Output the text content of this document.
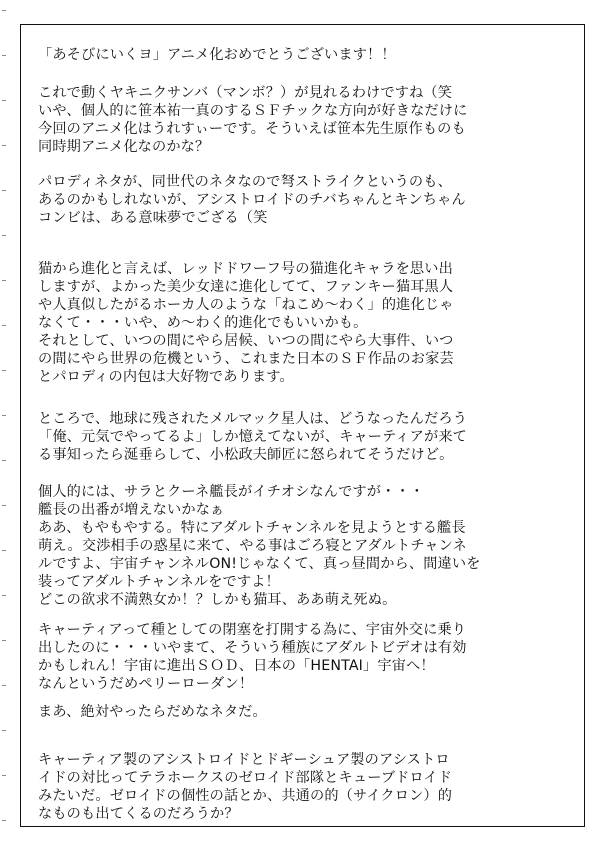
「あそびにいくヨ」アニメ化おめでとうございます！！

これで動くヤキニクサンバ（マンボ？）が見れるわけですね（笑

いや、個人的に笹本祐一真のするＳＦチックな方向が好きなだけに

今回のアニメ化はうれすぃーです。そういえば笹本先生原作ものも

同時期アニメ化なのかな？

パロディネタが、同世代のネタなので弩ストライクというのも、

あるのかもしれないが、アシストロイドのチバちゃんとキンちゃん

コンビは、ある意味夢でござる（笑

猫から進化と言えば、レッドドワーフ号の猫進化キャラを思い出

しますが、よかった美少女達に進化してて、ファンキー猫耳黒人

や人真似したがるホーカ人のような「ねこめ〜わく」的進化じゃ

なくて・・・いや、め〜わく的進化でもいいかも。

それとして、いつの間にやら居候、いつの間にやら大事件、いつ

の間にやら世界の危機という、これまた日本のＳＦ作品のお家芸

とパロディの内包は大好物であります。

ところで、地球に残されたメルマック星人は、どうなったんだろう

「俺、元気でやってるよ」しか憶えてないが、キャーティアが来て

る事知ったら涎垂らして、小松政夫師匠に怒られてそうだけど。

個人的には、サラとクーネ艦長がイチオシなんですが・・・

艦長の出番が増えないかなぁ

ああ、もやもやする。特にアダルトチャンネルを見ようとする艦長

萌え。交渉相手の惑星に来て、やる事はごろ寝とアダルトチャンネ

ルですよ、宇宙チャンネルON!じゃなくて、真っ昼間から、間違いを

装ってアダルトチャンネルをですよ！

どこの欲求不満熟女か！？しかも猫耳、ああ萌え死ぬ。

キャーティアって種としての閉塞を打開する為に、宇宙外交に乗り

出したのに・・・いやまて、そういう種族にアダルトビデオは有効

かもしれん！宇宙に進出ＳＯＤ、日本の「HENTAI」宇宙へ！

なんというだめペリーローダン！

まあ、絶対やったらだめなネタだ。

キャーティア製のアシストロイドとドギーシュア製のアシストロ

イドの対比ってテラホークスのゼロイド部隊とキューブドロイド

みたいだ。ゼロイドの個性の話とか、共通の的（サイクロン）的

なものも出てくるのだろうか？
